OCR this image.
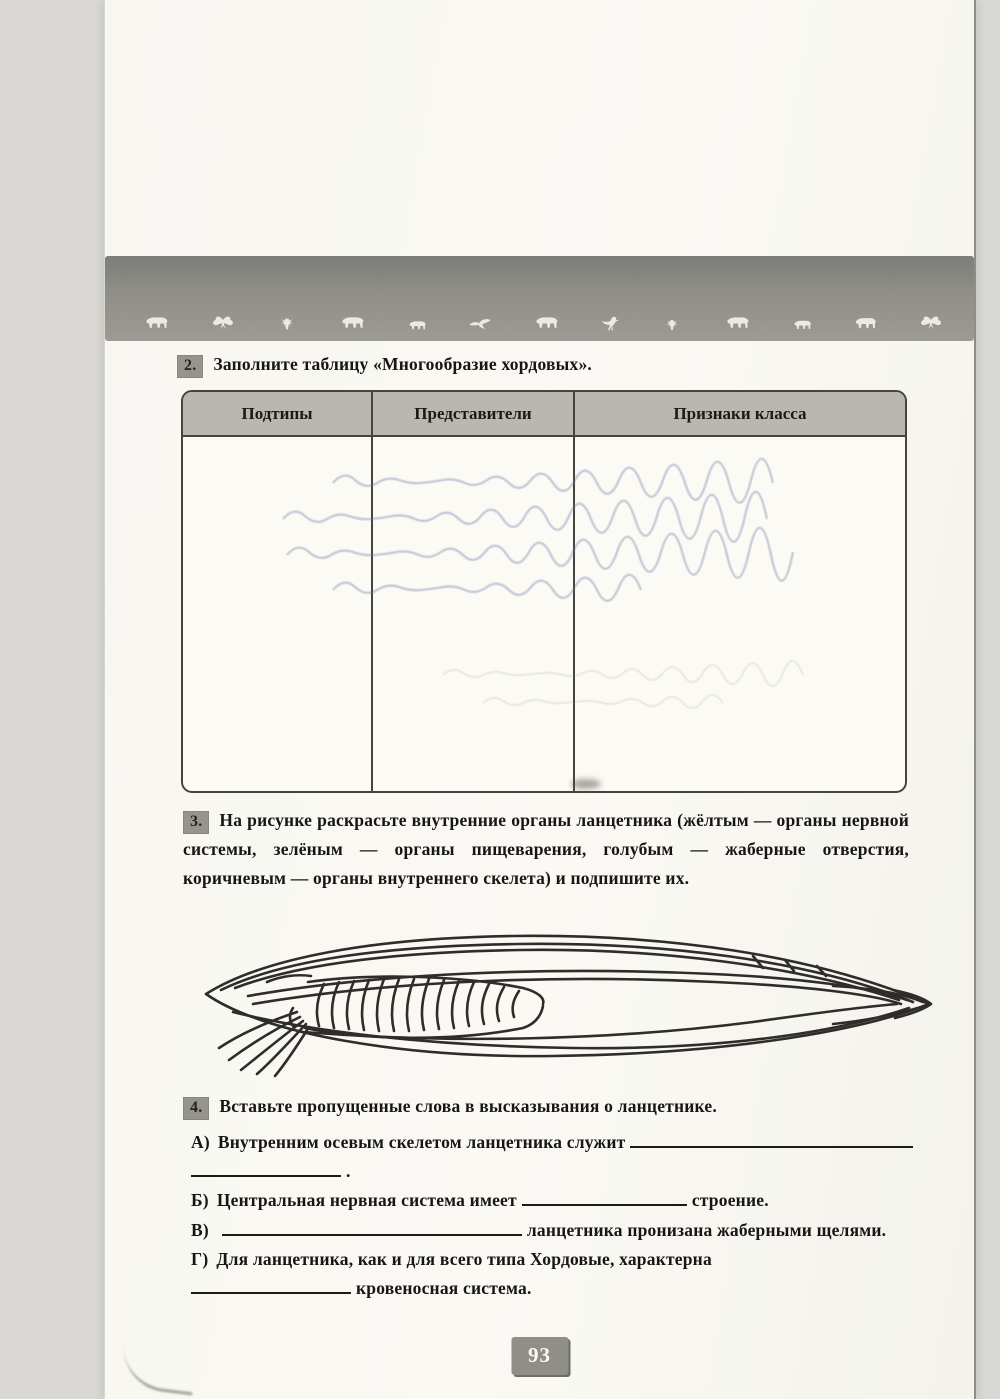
2. Заполните таблицу «Многообразие хордовых».
Подтипы	Представители	Признаки класса
3. На рисунке раскрасьте внутренние органы ланцетника (жёлтым — органы нервной системы, зелёным — органы пищеварения, голубым — жаберные отверстия, коричневым — органы внутреннего скелета) и подпишите их.
4. Вставьте пропущенные слова в высказывания о ланцетнике.
А) Внутренним осевым скелетом ланцетника служит
.
Б) Центральная нервная система имеет	строение.
В)	ланцетника пронизана жаберными щелями.
Г) Для ланцетника, как и для всего типа Хордовые, характерна
кровеносная система.
93
